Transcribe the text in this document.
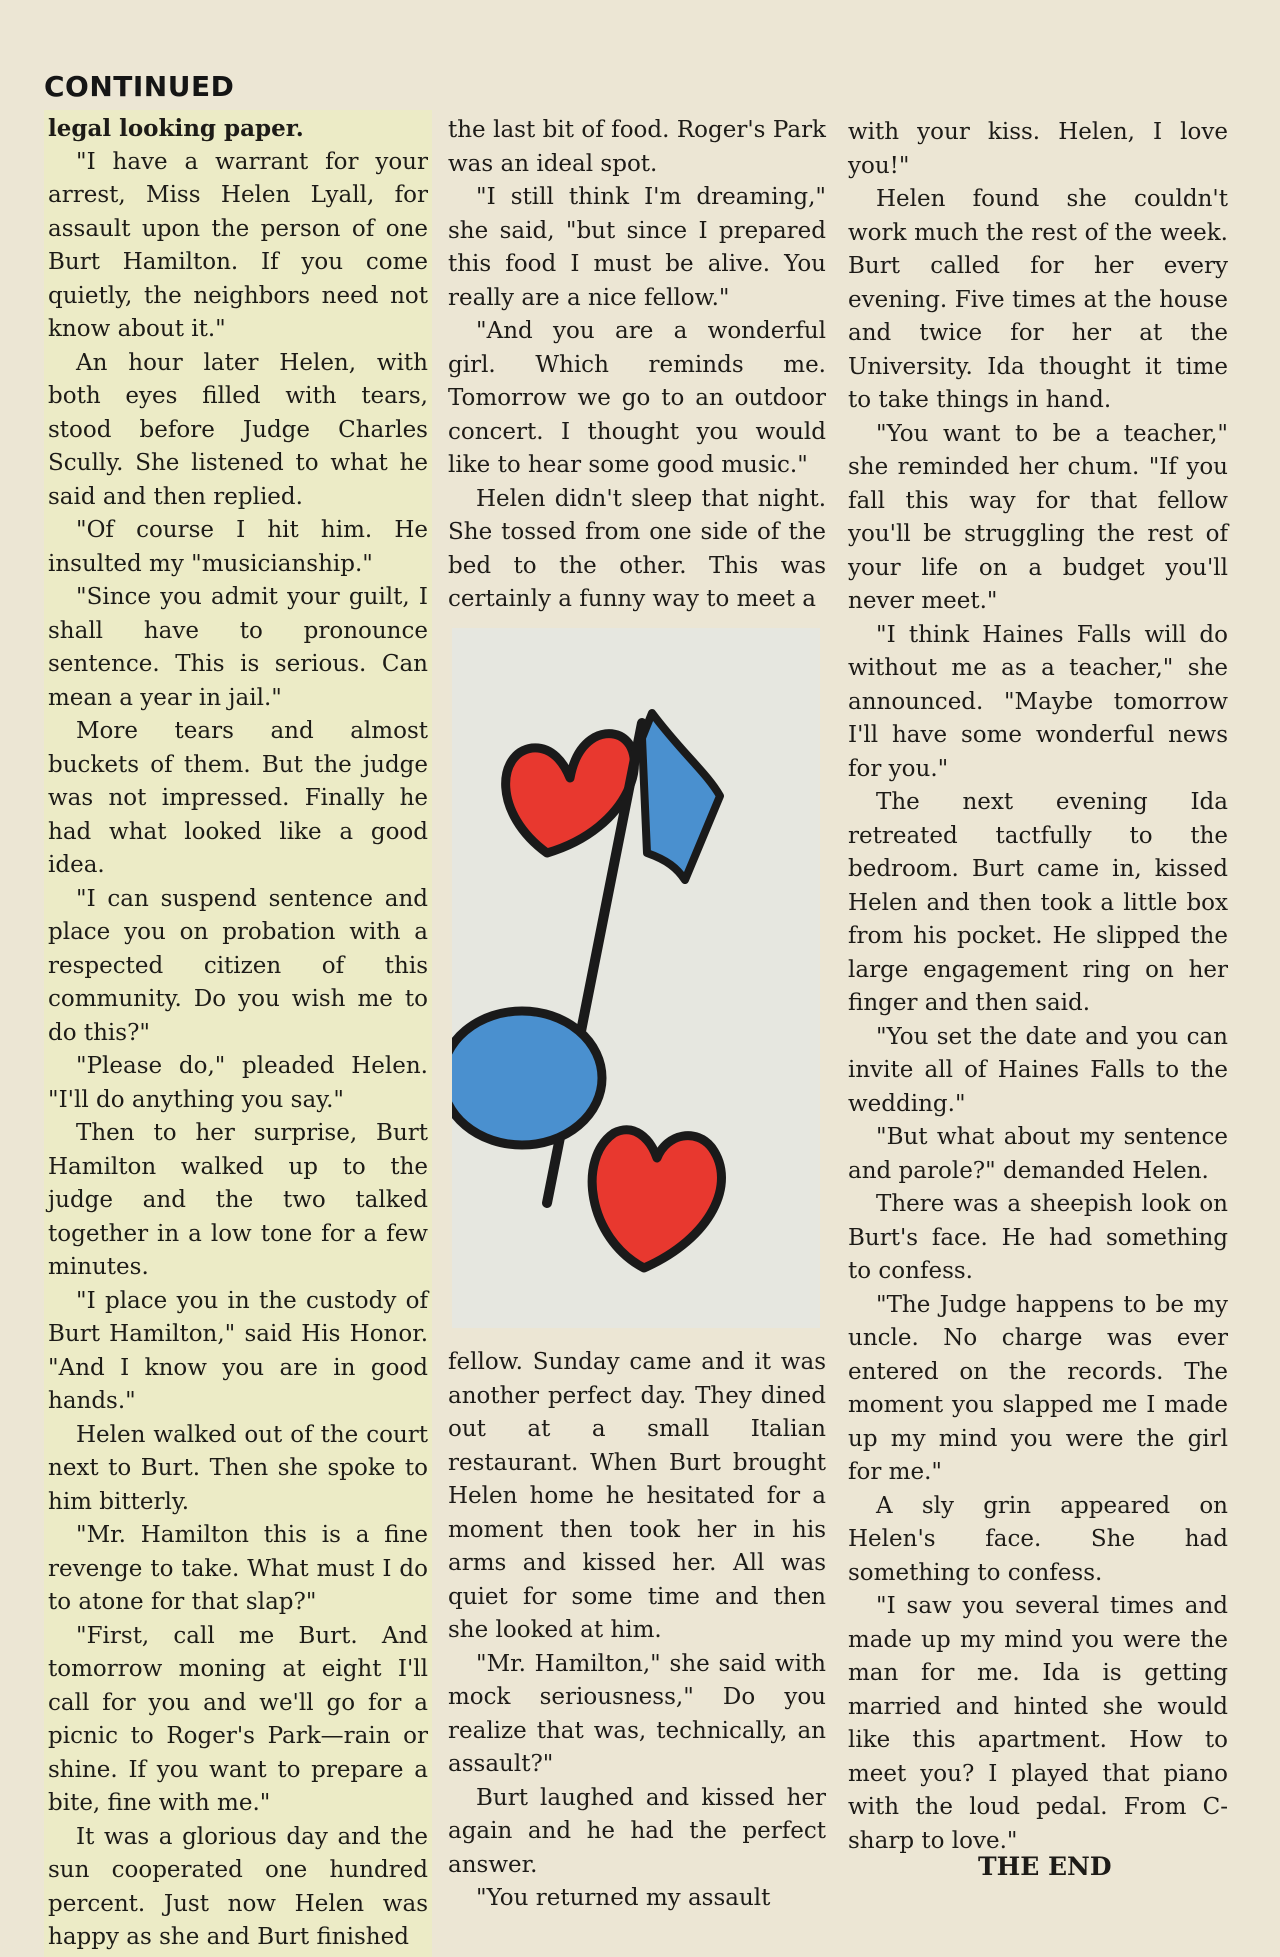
CONTINUED

legal looking paper.

"I have a warrant for your arrest, Miss Helen Lyall, for assault upon the person of one Burt Hamilton. If you come quietly, the neighbors need not know about it."

An hour later Helen, with both eyes filled with tears, stood before Judge Charles Scully. She listened to what he said and then replied.

"Of course I hit him. He insulted my "musicianship."

"Since you admit your guilt, I shall have to pronounce sentence. This is serious. Can mean a year in jail."

More tears and almost buckets of them. But the judge was not impressed. Finally he had what looked like a good idea.

"I can suspend sentence and place you on probation with a respected citizen of this community. Do you wish me to do this?"

"Please do," pleaded Helen. "I'll do anything you say."

Then to her surprise, Burt Hamilton walked up to the judge and the two talked together in a low tone for a few minutes.

"I place you in the custody of Burt Hamilton," said His Honor. "And I know you are in good hands."

Helen walked out of the court next to Burt. Then she spoke to him bitterly.

"Mr. Hamilton this is a fine revenge to take. What must I do to atone for that slap?"

"First, call me Burt. And tomorrow moning at eight I'll call for you and we'll go for a picnic to Roger's Park—rain or shine. If you want to prepare a bite, fine with me."

It was a glorious day and the sun cooperated one hundred percent. Just now Helen was happy as she and Burt finished

the last bit of food. Roger's Park was an ideal spot.

"I still think I'm dreaming," she said, "but since I prepared this food I must be alive. You really are a nice fellow."

"And you are a wonderful girl. Which reminds me. Tomorrow we go to an outdoor concert. I thought you would like to hear some good music."

Helen didn't sleep that night. She tossed from one side of the bed to the other. This was certainly a funny way to meet a

fellow. Sunday came and it was another perfect day. They dined out at a small Italian restaurant. When Burt brought Helen home he hesitated for a moment then took her in his arms and kissed her. All was quiet for some time and then she looked at him.

"Mr. Hamilton," she said with mock seriousness," Do you realize that was, technically, an assault?"

Burt laughed and kissed her again and he had the perfect answer.

"You returned my assault

with your kiss. Helen, I love you!"

Helen found she couldn't work much the rest of the week. Burt called for her every evening. Five times at the house and twice for her at the University. Ida thought it time to take things in hand.

"You want to be a teacher," she reminded her chum. "If you fall this way for that fellow you'll be struggling the rest of your life on a budget you'll never meet."

"I think Haines Falls will do without me as a teacher," she announced. "Maybe tomorrow I'll have some wonderful news for you."

The next evening Ida retreated tactfully to the bedroom. Burt came in, kissed Helen and then took a little box from his pocket. He slipped the large engagement ring on her finger and then said.

"You set the date and you can invite all of Haines Falls to the wedding."

"But what about my sentence and parole?" demanded Helen.

There was a sheepish look on Burt's face. He had something to confess.

"The Judge happens to be my uncle. No charge was ever entered on the records. The moment you slapped me I made up my mind you were the girl for me."

A sly grin appeared on Helen's face. She had something to confess.

"I saw you several times and made up my mind you were the man for me. Ida is getting married and hinted she would like this apartment. How to meet you? I played that piano with the loud pedal. From C-sharp to love."

THE END
